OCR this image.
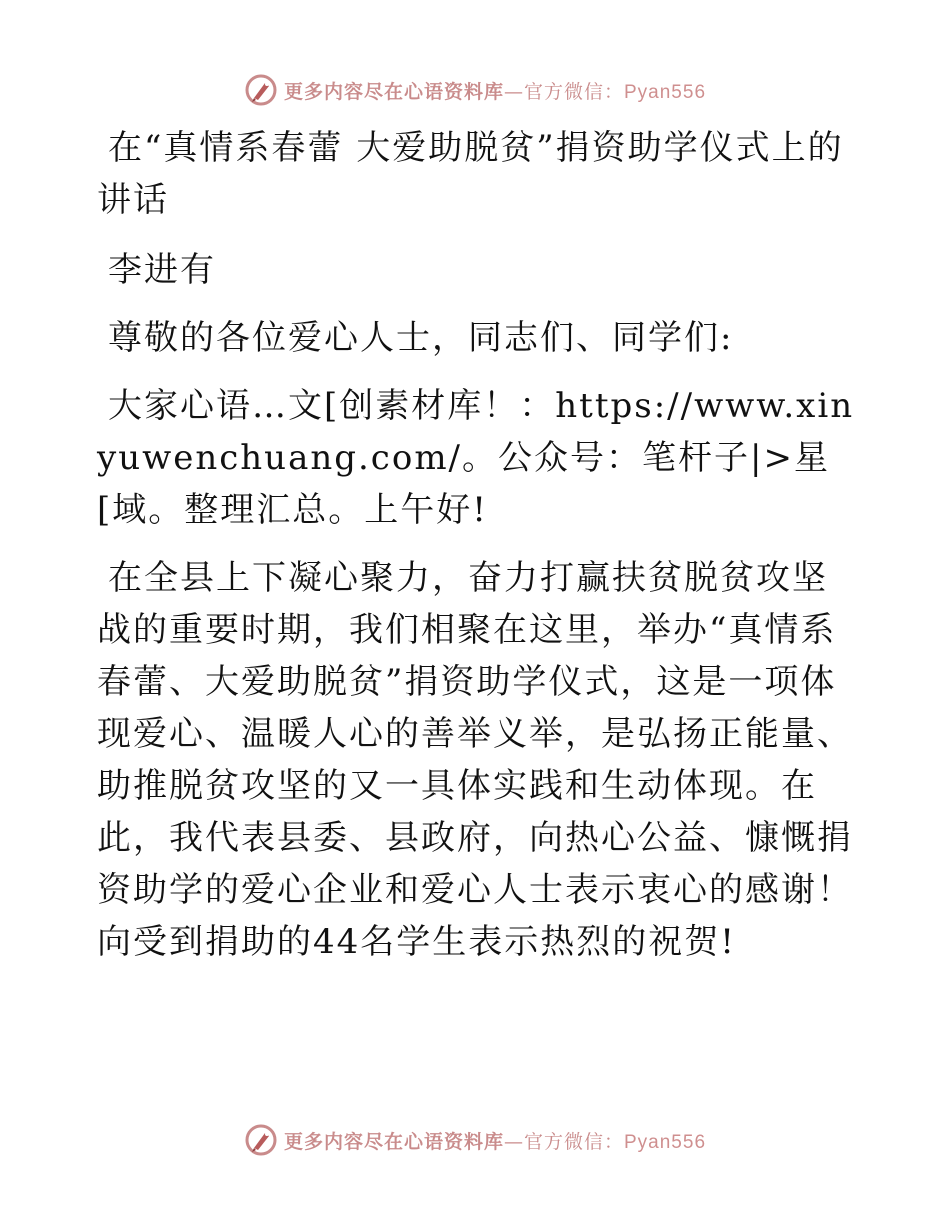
更多内容尽在心语资料库—官方微信：Pyan556

在“真情系春蕾 大爱助脱贫”捐资助学仪式上的讲话

李进有

尊敬的各位爱心人士，同志们、同学们:

大家心语…文[创素材库！：https://www.xinyuwenchuang.com/。公众号：笔杆子|>星[域。整理汇总。上午好!

在全县上下凝心聚力，奋力打赢扶贫脱贫攻坚战的重要时期，我们相聚在这里，举办“真情系春蕾、大爱助脱贫”捐资助学仪式，这是一项体现爱心、温暖人心的善举义举，是弘扬正能量、助推脱贫攻坚的又一具体实践和生动体现。在此，我代表县委、县政府，向热心公益、慷慨捐资助学的爱心企业和爱心人士表示衷心的感谢！向受到捐助的44名学生表示热烈的祝贺!

更多内容尽在心语资料库—官方微信：Pyan556
